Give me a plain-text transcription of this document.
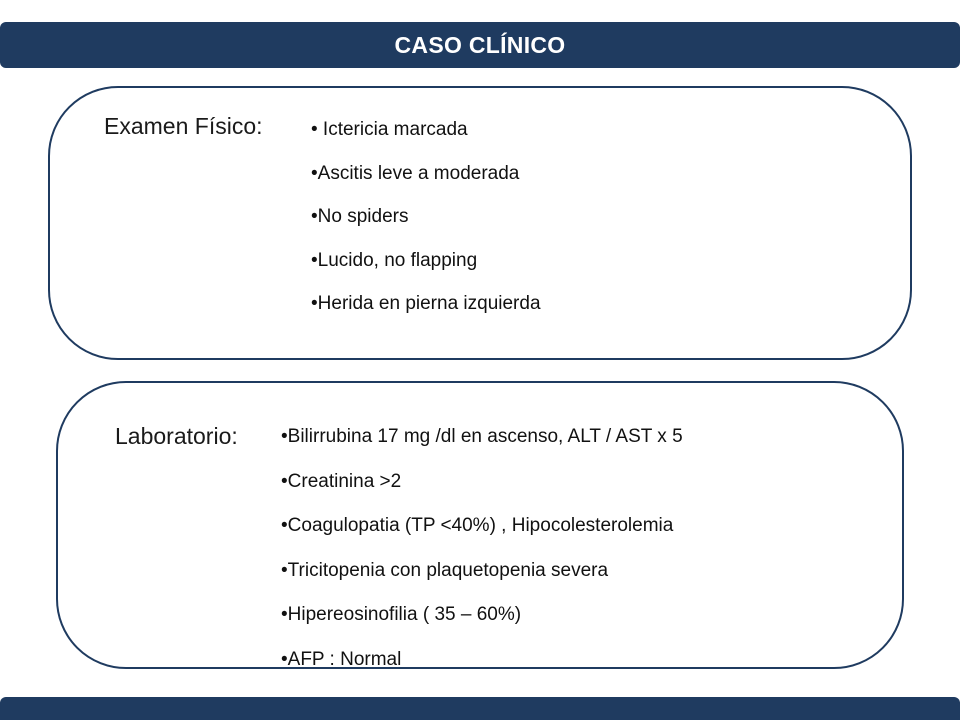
CASO CLÍNICO
Examen Físico:	• Ictericia marcada
•Ascitis leve a moderada
•No spiders
•Lucido, no flapping
•Herida en pierna izquierda
Laboratorio: •Bilirrubina 17 mg /dl en ascenso, ALT / AST x 5
•Creatinina >2
•Coagulopatia (TP <40%) , Hipocolesterolemia
•Tricitopenia con plaquetopenia severa
•Hipereosinofilia ( 35 – 60%)
•AFP : Normal
